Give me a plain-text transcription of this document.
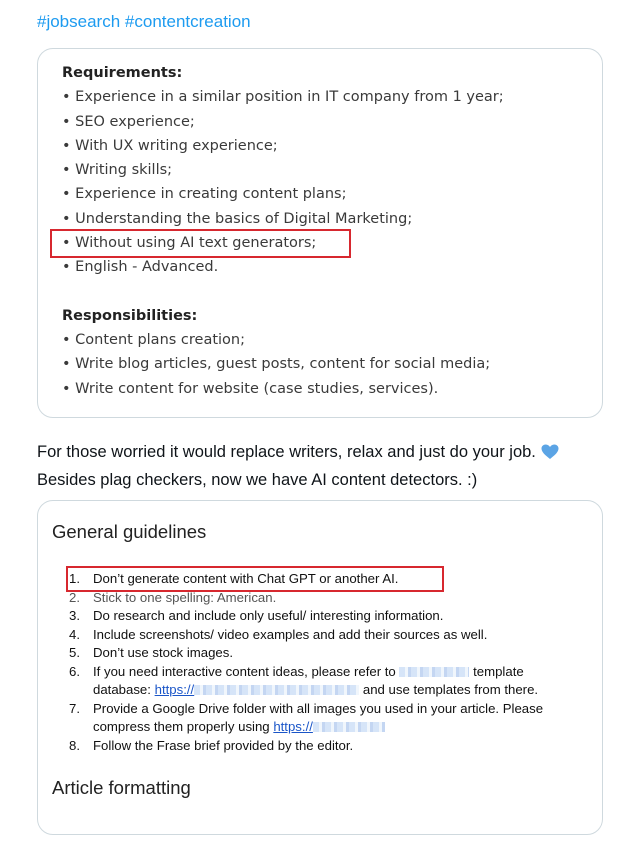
#jobsearch #contentcreation
Requirements:
• Experience in a similar position in IT company from 1 year;
• SEO experience;
• With UX writing experience;
• Writing skills;
• Experience in creating content plans;
• Understanding the basics of Digital Marketing;
• Without using AI text generators;
• English - Advanced.
Responsibilities:
• Content plans creation;
• Write blog articles, guest posts, content for social media;
• Write content for website (case studies, services).
For those worried it would replace writers, relax and just do your job.
Besides plag checkers, now we have AI content detectors. :)
General guidelines
1. Don’t generate content with Chat GPT or another AI.
2. Stick to one spelling: American.
3. Do research and include only useful/ interesting information.
4. Include screenshots/ video examples and add their sources as well.
5. Don’t use stock images.
6. If you need interactive content ideas, please refer to	template
database: https://	and use templates from there.
7. Provide a Google Drive folder with all images you used in your article. Please
compress them properly using https://
8. Follow the Frase brief provided by the editor.
Article formatting
